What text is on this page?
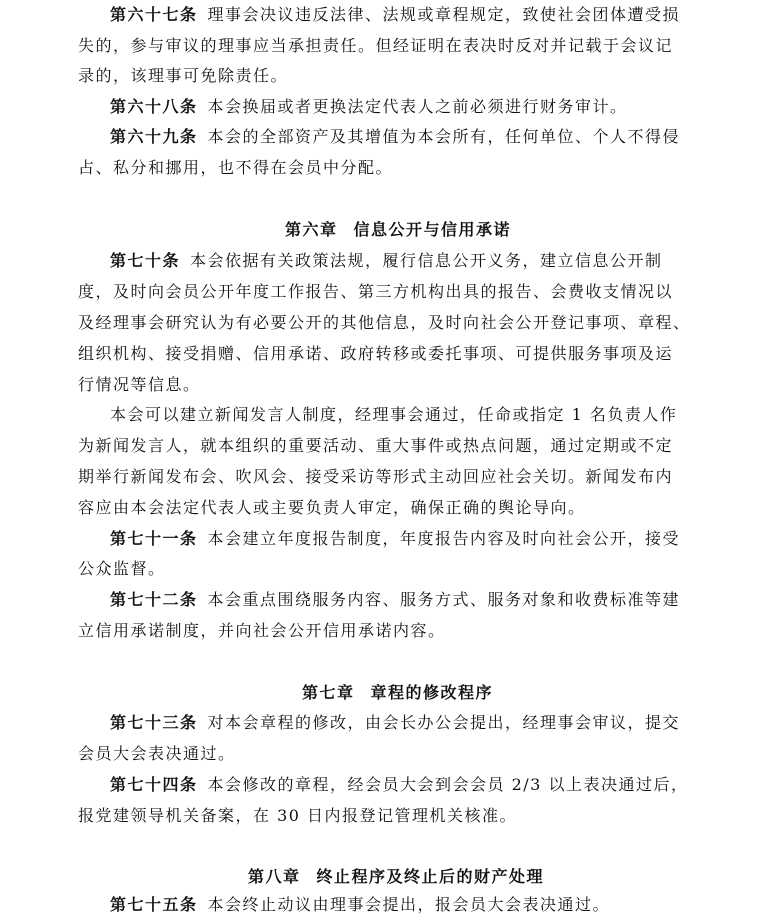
第六十七条 理事会决议违反法律、法规或章程规定，致使社会团体遭受损
失的，参与审议的理事应当承担责任。但经证明在表决时反对并记载于会议记
录的，该理事可免除责任。
第六十八条 本会换届或者更换法定代表人之前必须进行财务审计。
第六十九条 本会的全部资产及其增值为本会所有，任何单位、个人不得侵
占、私分和挪用，也不得在会员中分配。
第六章 信息公开与信用承诺
第七十条 本会依据有关政策法规，履行信息公开义务，建立信息公开制
度，及时向会员公开年度工作报告、第三方机构出具的报告、会费收支情况以
及经理事会研究认为有必要公开的其他信息，及时向社会公开登记事项、章程、
组织机构、接受捐赠、信用承诺、政府转移或委托事项、可提供服务事项及运
行情况等信息。
本会可以建立新闻发言人制度，经理事会通过，任命或指定 1 名负责人作
为新闻发言人，就本组织的重要活动、重大事件或热点问题，通过定期或不定
期举行新闻发布会、吹风会、接受采访等形式主动回应社会关切。新闻发布内
容应由本会法定代表人或主要负责人审定，确保正确的舆论导向。
第七十一条 本会建立年度报告制度，年度报告内容及时向社会公开，接受
公众监督。
第七十二条 本会重点围绕服务内容、服务方式、服务对象和收费标准等建
立信用承诺制度，并向社会公开信用承诺内容。
第七章 章程的修改程序
第七十三条 对本会章程的修改，由会长办公会提出，经理事会审议，提交
会员大会表决通过。
第七十四条 本会修改的章程，经会员大会到会会员 2/3 以上表决通过后，
报党建领导机关备案，在 30 日内报登记管理机关核准。
第八章 终止程序及终止后的财产处理
第七十五条 本会终止动议由理事会提出，报会员大会表决通过。
